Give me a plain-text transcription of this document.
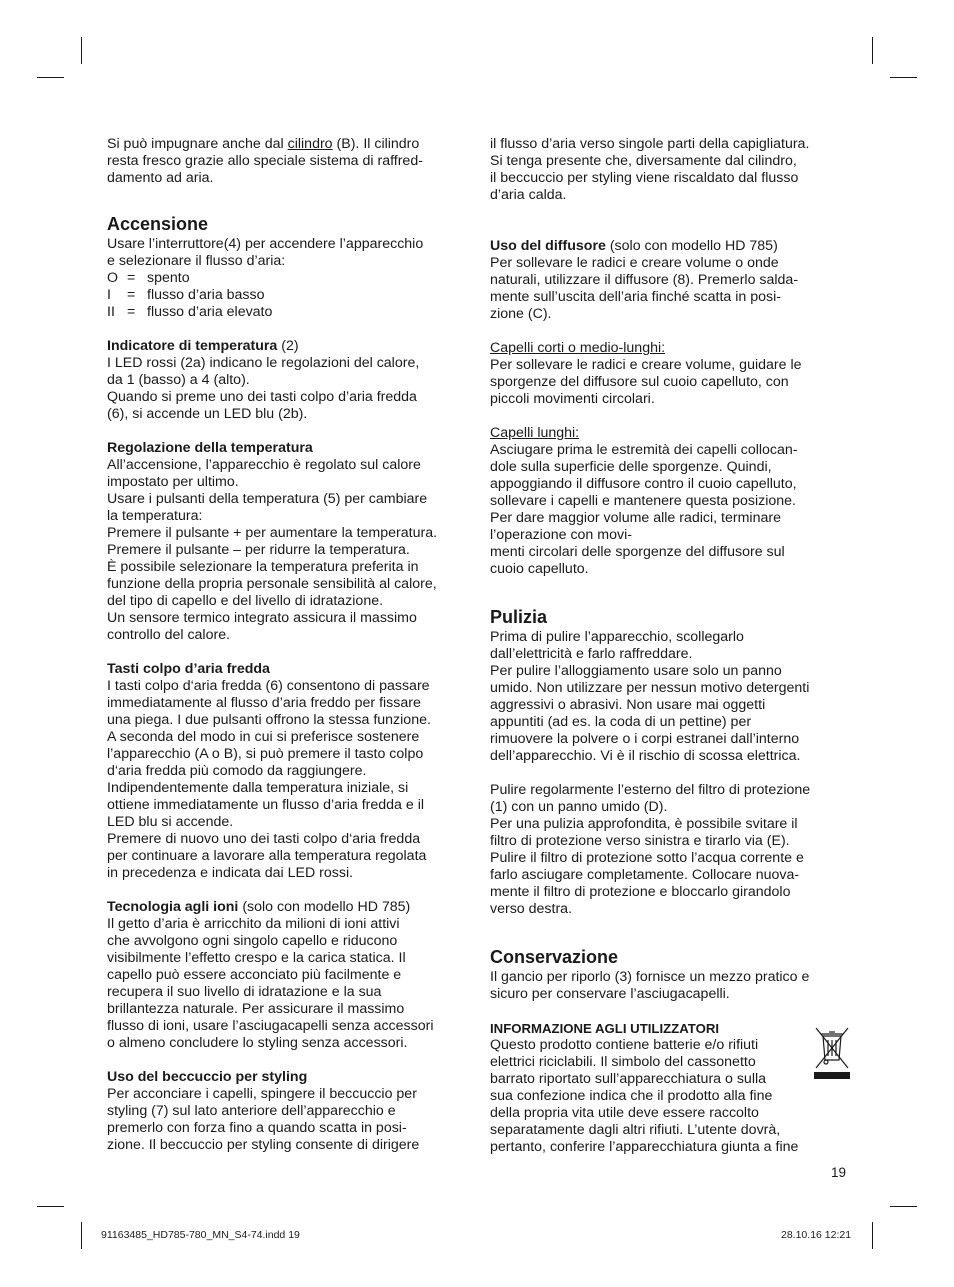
Si può impugnare anche dal cilindro (B). Il cilindro
resta fresco grazie allo speciale sistema di raffred-
damento ad aria.

Accensione

Usare l’interruttore(4) per accendere l’apparecchio
e selezionare il flusso d’aria:

O = spento
I	= flusso d’aria basso
II = flusso d’aria elevato

Indicatore di temperatura (2)
I LED rossi (2a) indicano le regolazioni del calore,
da 1 (basso) a 4 (alto).
Quando si preme uno dei tasti colpo d’aria fredda
(6), si accende un LED blu (2b).

Regolazione della temperatura
All’accensione, l’apparecchio è regolato sul calore
impostato per ultimo.
Usare i pulsanti della temperatura (5) per cambiare
la temperatura:
Premere il pulsante + per aumentare la temperatura.
Premere il pulsante – per ridurre la temperatura.
È possibile selezionare la temperatura preferita in
funzione della propria personale sensibilità al calore,
del tipo di capello e del livello di idratazione.
Un sensore termico integrato assicura il massimo
controllo del calore.

Tasti colpo d’aria fredda
I tasti colpo d‘aria fredda (6) consentono di passare
immediatamente al flusso d’aria freddo per fissare
una piega. I due pulsanti offrono la stessa funzione.
A seconda del modo in cui si preferisce sostenere
l’apparecchio (A o B), si può premere il tasto colpo
d‘aria fredda più comodo da raggiungere.
Indipendentemente dalla temperatura iniziale, si
ottiene immediatamente un flusso d’aria fredda e il
LED blu si accende.
Premere di nuovo uno dei tasti colpo d‘aria fredda
per continuare a lavorare alla temperatura regolata
in precedenza e indicata dai LED rossi.

Tecnologia agli ioni (solo con modello HD 785)
Il getto d’aria è arricchito da milioni di ioni attivi
che avvolgono ogni singolo capello e riducono
visibilmente l’effetto crespo e la carica statica. Il
capello può essere acconciato più facilmente e
recupera il suo livello di idratazione e la sua
brillantezza naturale. Per assicurare il massimo
flusso di ioni, usare l’asciugacapelli senza accessori
o almeno concludere lo styling senza accessori.

Uso del beccuccio per styling
Per acconciare i capelli, spingere il beccuccio per
styling (7) sul lato anteriore dell’apparecchio e
premerlo con forza fino a quando scatta in posi-
zione. Il beccuccio per styling consente di dirigere

il flusso d’aria verso singole parti della capigliatura.
Si tenga presente che, diversamente dal cilindro,
il beccuccio per styling viene riscaldato dal flusso
d’aria calda.

Uso del diffusore (solo con modello HD 785)
Per sollevare le radici e creare volume o onde
naturali, utilizzare il diffusore (8). Premerlo salda-
mente sull’uscita dell’aria finché scatta in posi-
zione (C).

Capelli corti o medio-lunghi:
Per sollevare le radici e creare volume, guidare le
sporgenze del diffusore sul cuoio capelluto, con
piccoli movimenti circolari.

Capelli lunghi:
Asciugare prima le estremità dei capelli collocan-
dole sulla superficie delle sporgenze. Quindi,
appoggiando il diffusore contro il cuoio capelluto,
sollevare i capelli e mantenere questa posizione.
Per dare maggior volume alle radici, terminare
l’operazione con movi-
menti circolari delle sporgenze del diffusore sul
cuoio capelluto.

Pulizia

Prima di pulire l’apparecchio, scollegarlo
dall’elettricità e farlo raffreddare.
Per pulire l’alloggiamento usare solo un panno
umido. Non utilizzare per nessun motivo detergenti
aggressivi o abrasivi. Non usare mai oggetti
appuntiti (ad es. la coda di un pettine) per
rimuovere la polvere o i corpi estranei dall’interno
dell’apparecchio. Vi è il rischio di scossa elettrica.

Pulire regolarmente l’esterno del filtro di protezione
(1) con un panno umido (D).
Per una pulizia approfondita, è possibile svitare il
filtro di protezione verso sinistra e tirarlo via (E).
Pulire il filtro di protezione sotto l’acqua corrente e
farlo asciugare completamente. Collocare nuova-
mente il filtro di protezione e bloccarlo girandolo
verso destra.

Conservazione

Il gancio per riporlo (3) fornisce un mezzo pratico e
sicuro per conservare l’asciugacapelli.

INFORMAZIONE AGLI UTILIZZATORI

Questo prodotto contiene batterie e/o rifiuti
elettrici riciclabili. Il simbolo del cassonetto
barrato riportato sull’apparecchiatura o sulla
sua confezione indica che il prodotto alla fine
della propria vita utile deve essere raccolto
separatamente dagli altri rifiuti. L’utente dovrà,
pertanto, conferire l’apparecchiatura giunta a fine

19
91163485_HD785-780_MN_S4-74.indd 19	28.10.16 12:21
